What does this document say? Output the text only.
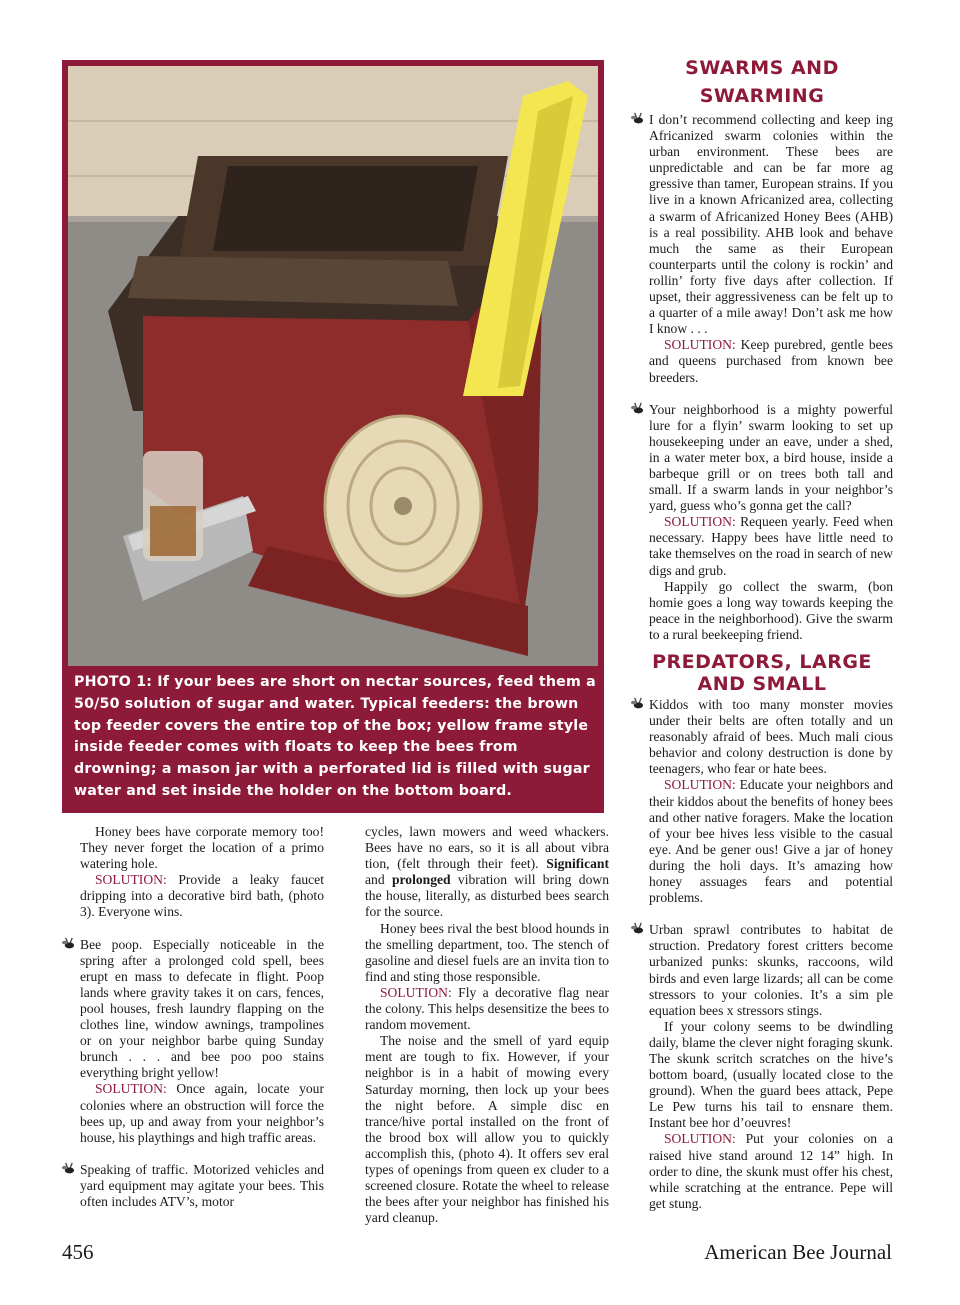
PHOTO 1: If your bees are short on nectar sources, feed them a 50/50 solution of sugar and water. Typical feeders: the brown top feeder covers the entire top of the box; yellow frame style inside feeder comes with floats to keep the bees from drowning; a mason jar with a perforated lid is filled with sugar water and set inside the holder on the bottom board.

Honey bees have corporate memory too! They never forget the location of a primo watering hole.

SOLUTION: Provide a leaky faucet dripping into a decorative bird bath, (photo 3). Everyone wins.

Bee poop. Especially noticeable in the spring after a prolonged cold spell, bees erupt en mass to defecate in flight. Poop lands where gravity takes it on cars, fences, pool houses, fresh laundry flapping on the clothes line, window awnings, trampolines or on your neighbor barbe quing Sunday brunch . . . and bee poo poo stains everything bright yellow!

SOLUTION: Once again, locate your colonies where an obstruction will force the bees up, up and away from your neighbor’s house, his playthings and high traffic areas.

Speaking of traffic. Motorized vehicles and yard equipment may agitate your bees. This often includes ATV’s, motor

cycles, lawn mowers and weed whackers. Bees have no ears, so it is all about vibra tion, (felt through their feet). Significant and prolonged vibration will bring down the house, literally, as disturbed bees search for the source.

Honey bees rival the best blood hounds in the smelling department, too. The stench of gasoline and diesel fuels are an invita tion to find and sting those responsible.

SOLUTION: Fly a decorative flag near the colony. This helps desensitize the bees to random movement.

The noise and the smell of yard equip ment are tough to fix. However, if your neighbor is in a habit of mowing every Saturday morning, then lock up your bees the night before. A simple disc en trance/hive portal installed on the front of the brood box will allow you to quickly accomplish this, (photo 4). It offers sev eral types of openings from queen ex cluder to a screened closure. Rotate the wheel to release the bees after your neighbor has finished his yard cleanup.

SWARMS AND SWARMING

I don’t recommend collecting and keep ing Africanized swarm colonies within the urban environment. These bees are unpredictable and can be far more ag gressive than tamer, European strains. If you live in a known Africanized area, collecting a swarm of Africanized Honey Bees (AHB) is a real possibility. AHB look and behave much the same as their European counterparts until the colony is rockin’ and rollin’ forty five days after collection. If upset, their aggressiveness can be felt up to a quarter of a mile away! Don’t ask me how I know . . .

SOLUTION: Keep purebred, gentle bees and queens purchased from known bee breeders.

Your neighborhood is a mighty powerful lure for a flyin’ swarm looking to set up housekeeping under an eave, under a shed, in a water meter box, a bird house, inside a barbeque grill or on trees both tall and small. If a swarm lands in your neighbor’s yard, guess who’s gonna get the call?

SOLUTION: Requeen yearly. Feed when necessary. Happy bees have little need to take themselves on the road in search of new digs and grub.

Happily go collect the swarm, (bon homie goes a long way towards keeping the peace in the neighborhood). Give the swarm to a rural beekeeping friend.

PREDATORS, LARGE AND SMALL

Kiddos with too many monster movies under their belts are often totally and un reasonably afraid of bees. Much mali cious behavior and colony destruction is done by teenagers, who fear or hate bees.

SOLUTION: Educate your neighbors and their kiddos about the benefits of honey bees and other native foragers. Make the location of your bee hives less visible to the casual eye. And be gener ous! Give a jar of honey during the holi days. It’s amazing how honey assuages fears and potential problems.

Urban sprawl contributes to habitat de struction. Predatory forest critters become urbanized punks: skunks, raccoons, wild birds and even large lizards; all can be come stressors to your colonies. It’s a sim ple equation bees x stressors stings.

If your colony seems to be dwindling daily, blame the clever night foraging skunk. The skunk scritch scratches on the hive’s bottom board, (usually located close to the ground). When the guard bees attack, Pepe Le Pew turns his tail to ensnare them. Instant bee hor d’oeuvres!

SOLUTION: Put your colonies on a raised hive stand around 12 14” high. In order to dine, the skunk must offer his chest, while scratching at the entrance. Pepe will get stung.

456	American Bee Journal
